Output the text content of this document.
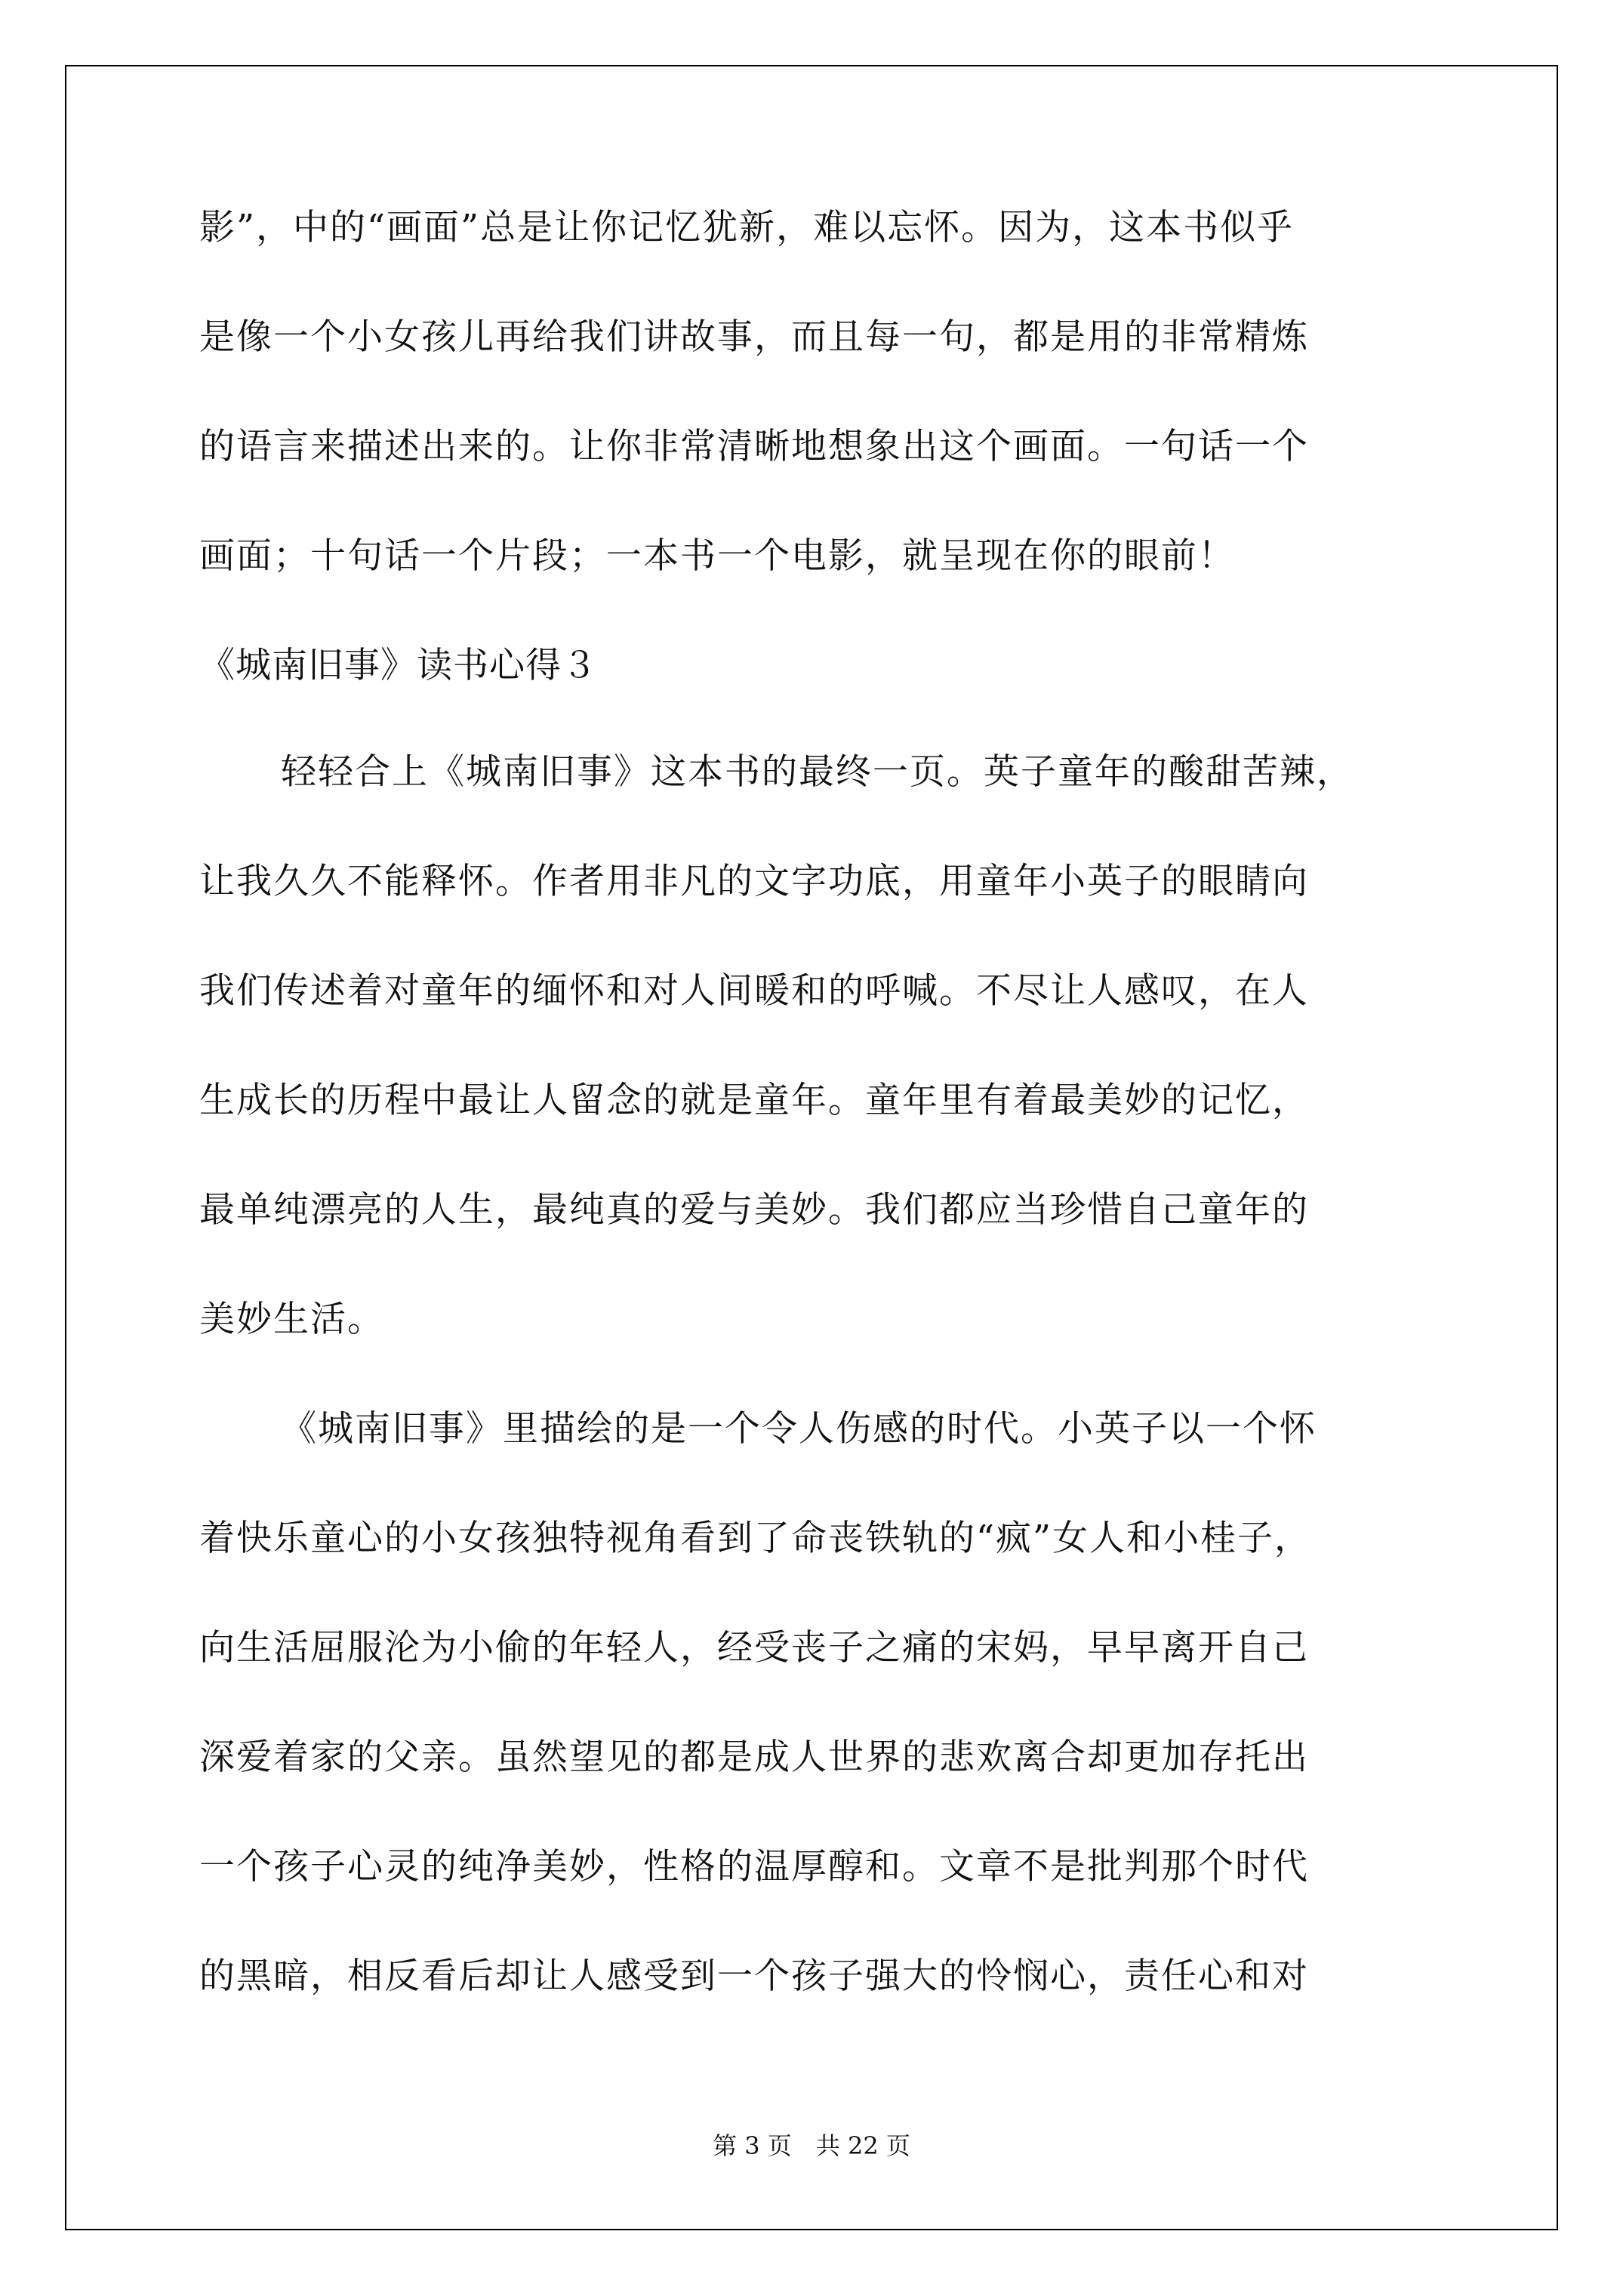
影”，中的“画面”总是让你记忆犹新，难以忘怀。因为，这本书似乎
是像一个小女孩儿再给我们讲故事，而且每一句，都是用的非常精炼
的语言来描述出来的。让你非常清晰地想象出这个画面。一句话一个
画面；十句话一个片段；一本书一个电影，就呈现在你的眼前！
《城南旧事》读书心得３
轻轻合上《城南旧事》这本书的最终一页。英子童年的酸甜苦辣，
让我久久不能释怀。作者用非凡的文字功底，用童年小英子的眼睛向
我们传述着对童年的缅怀和对人间暖和的呼喊。不尽让人感叹，在人
生成长的历程中最让人留念的就是童年。童年里有着最美妙的记忆，
最单纯漂亮的人生，最纯真的爱与美妙。我们都应当珍惜自己童年的
美妙生活。
《城南旧事》里描绘的是一个令人伤感的时代。小英子以一个怀
着快乐童心的小女孩独特视角看到了命丧铁轨的“疯”女人和小桂子，
向生活屈服沦为小偷的年轻人，经受丧子之痛的宋妈，早早离开自己
深爱着家的父亲。虽然望见的都是成人世界的悲欢离合却更加存托出
一个孩子心灵的纯净美妙，性格的温厚醇和。文章不是批判那个时代
的黑暗，相反看后却让人感受到一个孩子强大的怜悯心，责任心和对
第 3 页　共 22 页
